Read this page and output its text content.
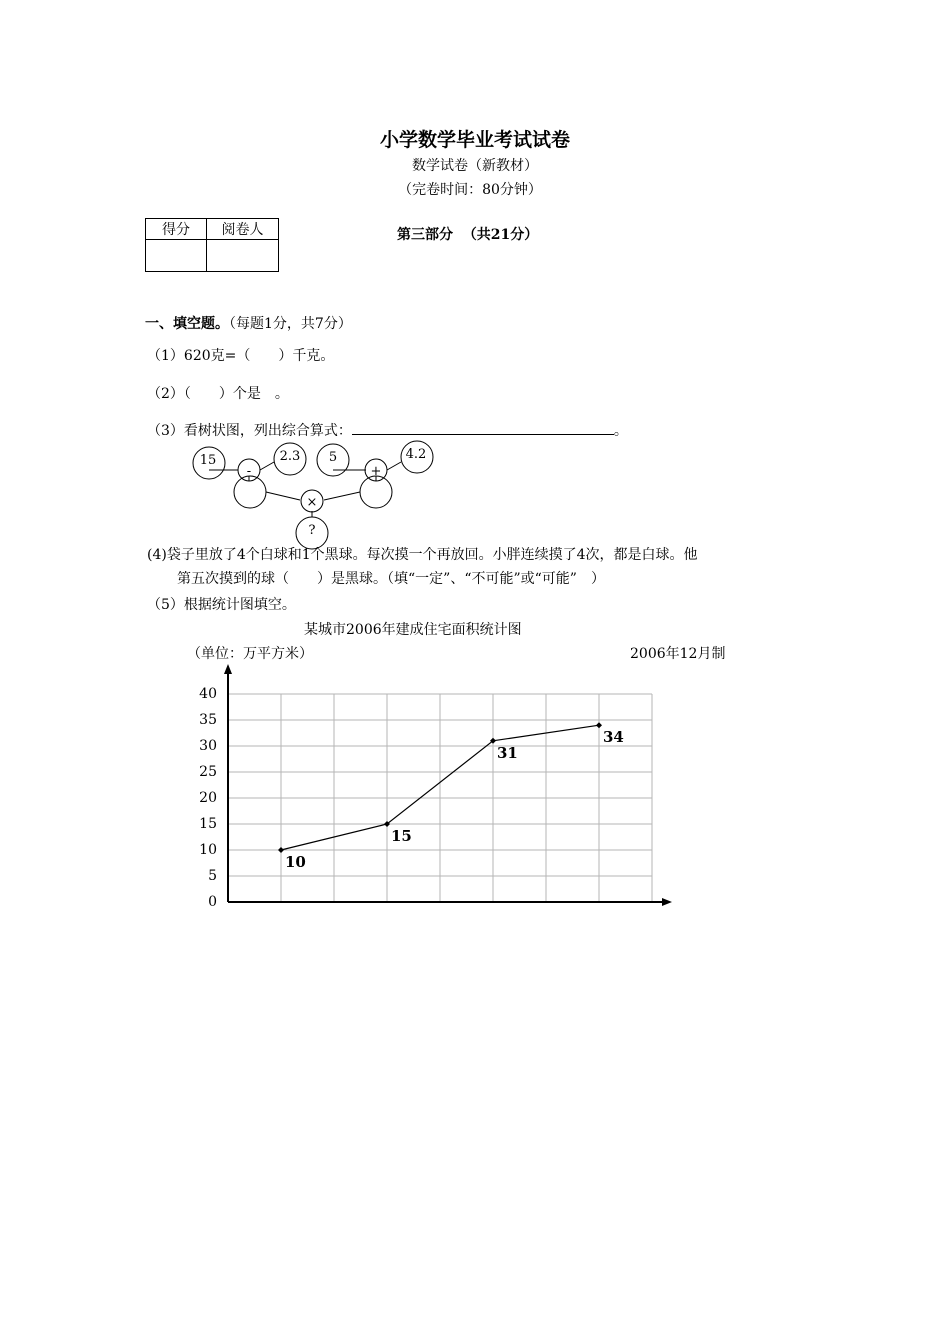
小学数学毕业考试试卷
数学试卷（新教材）
（完卷时间：80分钟）
得分	阅卷人
		第三部分 （共21分）
一、填空题。（每题1分，共7分）
（1）620克=（　　）千克。
（2）（　　）个是　。
（3）看树状图，列出综合算式：	。
15
-
2.3 5
+
4.2
×
?
(4)袋子里放了4个白球和1个黑球。每次摸一个再放回。小胖连续摸了4次，都是白球。他
第五次摸到的球（　　）是黑球。（填“一定”、“不可能”或“可能”　）
（5）根据统计图填空。
某城市2006年建成住宅面积统计图
（单位：万平方米）	2006年12月制
0
5
10
15
20
25
30
35
40
10
15
31
34
